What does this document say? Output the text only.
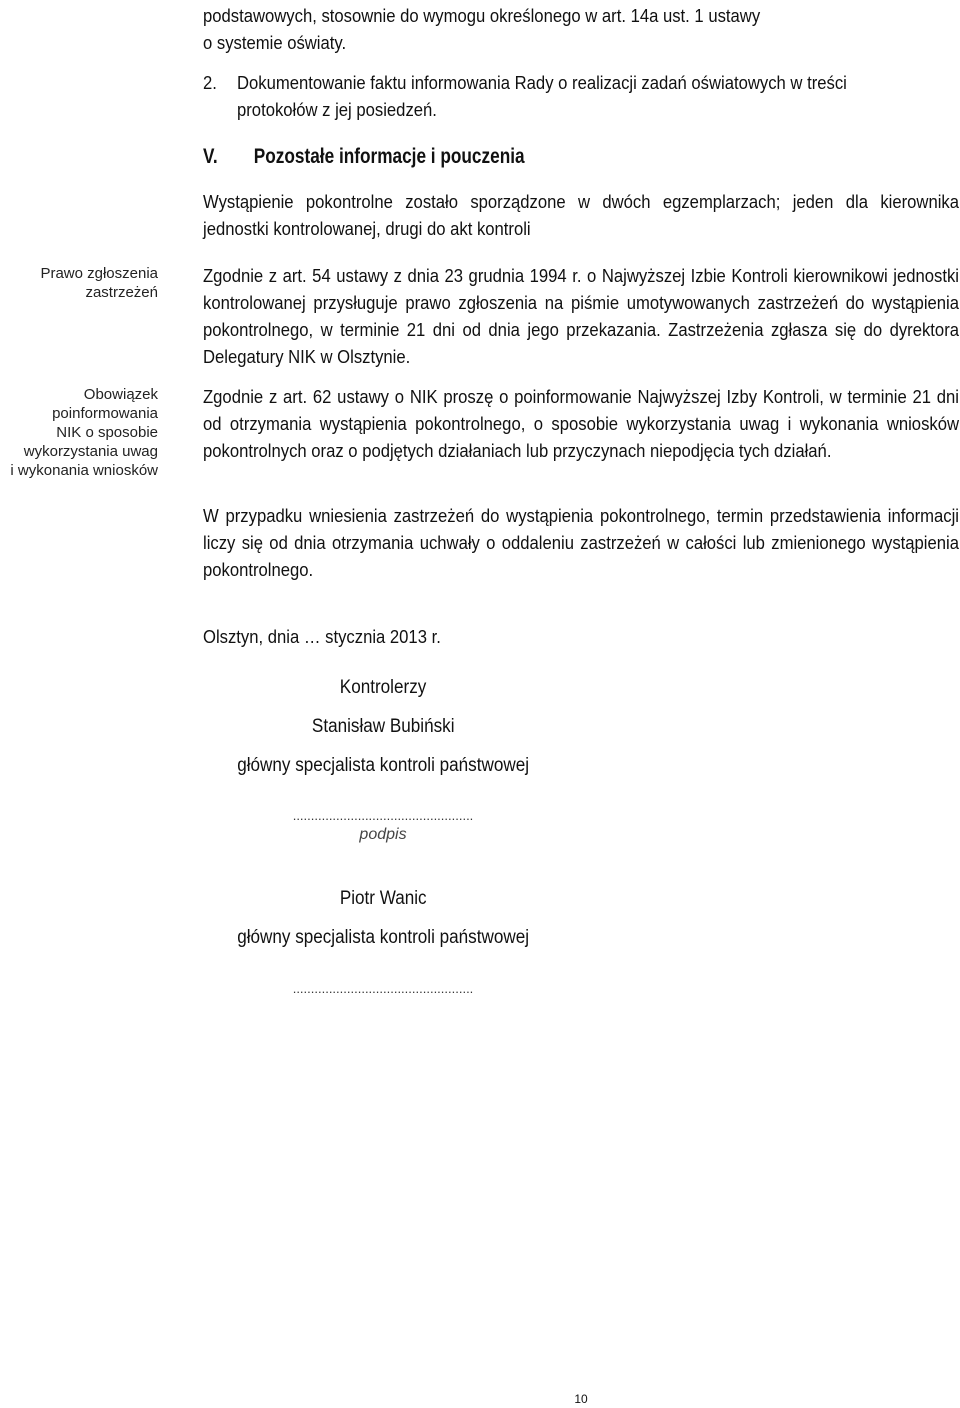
podstawowych, stosownie do wymogu określonego w art. 14a ust. 1 ustawy
o systemie oświaty.
2.	Dokumentowanie faktu informowania Rady o realizacji zadań oświatowych w treści
protokołów z jej posiedzeń.
V. Pozostałe informacje i pouczenia
Wystąpienie pokontrolne zostało sporządzone w dwóch egzemplarzach; jeden dla kierownika jednostki kontrolowanej, drugi do akt kontroli
Prawo zgłoszenia
zastrzeżeń
Obowiązek
poinformowania
NIK o sposobie
wykorzystania uwag
i wykonania wniosków
Zgodnie z art. 54 ustawy z dnia 23 grudnia 1994 r. o Najwyższej Izbie Kontroli kierownikowi jednostki kontrolowanej przysługuje prawo zgłoszenia na piśmie umotywowanych zastrzeżeń do wystąpienia pokontrolnego, w terminie 21 dni od dnia jego przekazania. Zastrzeżenia zgłasza się do dyrektora Delegatury NIK w Olsztynie.
Zgodnie z art. 62 ustawy o NIK proszę o poinformowanie Najwyższej Izby Kontroli, w terminie 21 dni od otrzymania wystąpienia pokontrolnego, o sposobie wykorzystania uwag i wykonania wniosków pokontrolnych oraz o podjętych działaniach lub przyczynach niepodjęcia tych działań.
W przypadku wniesienia zastrzeżeń do wystąpienia pokontrolnego, termin przedstawienia informacji liczy się od dnia otrzymania uchwały o oddaleniu zastrzeżeń w całości lub zmienionego wystąpienia pokontrolnego.
Olsztyn, dnia … stycznia 2013 r.
Kontrolerzy
Stanisław Bubiński
główny specjalista kontroli państwowej
..................................................
podpis
Piotr Wanic
główny specjalista kontroli państwowej
..................................................
10
